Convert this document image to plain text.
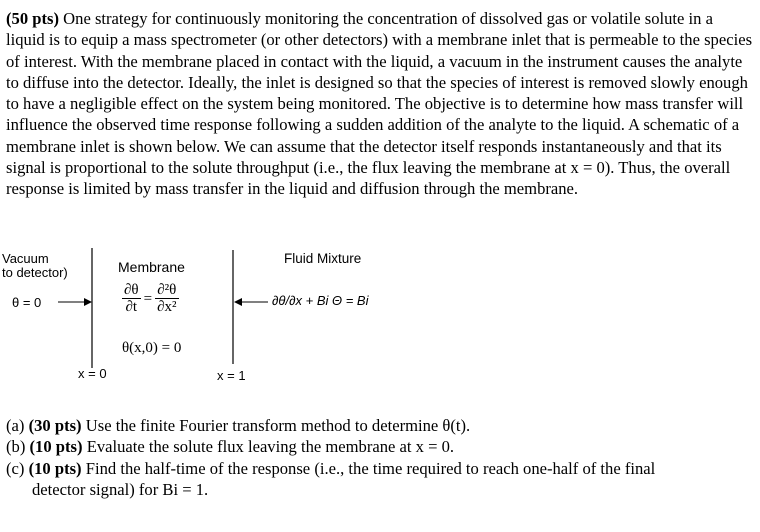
(50 pts) One strategy for continuously monitoring the concentration of dissolved gas or volatile solute in a liquid is to equip a mass spectrometer (or other detectors) with a membrane inlet that is permeable to the species of interest. With the membrane placed in contact with the liquid, a vacuum in the instrument causes the analyte to diffuse into the detector. Ideally, the inlet is designed so that the species of interest is removed slowly enough to have a negligible effect on the system being monitored. The objective is to determine how mass transfer will influence the observed time response following a sudden addition of the analyte to the liquid. A schematic of a membrane inlet is shown below. We can assume that the detector itself responds instantaneously and that its signal is proportional to the solute throughput (i.e., the flux leaving the membrane at x = 0). Thus, the overall response is limited by mass transfer in the liquid and diffusion through the membrane.

Vacuum
to detector)	Membrane
Fluid Mixture
θ = 0	∂θ/∂x + Bi Θ = Bi
$\frac{\partial\theta}{\partial t} = \frac{\text{∂²θ}}{\text{∂x²}}$
θ(x,0) = 0
x = 0	x = 1

(a) (30 pts) Use the finite Fourier transform method to determine θ(t).

(b) (10 pts) Evaluate the solute flux leaving the membrane at x = 0.

(c) (10 pts) Find the half-time of the response (i.e., the time required to reach one-half of the final

detector signal) for Bi = 1.
